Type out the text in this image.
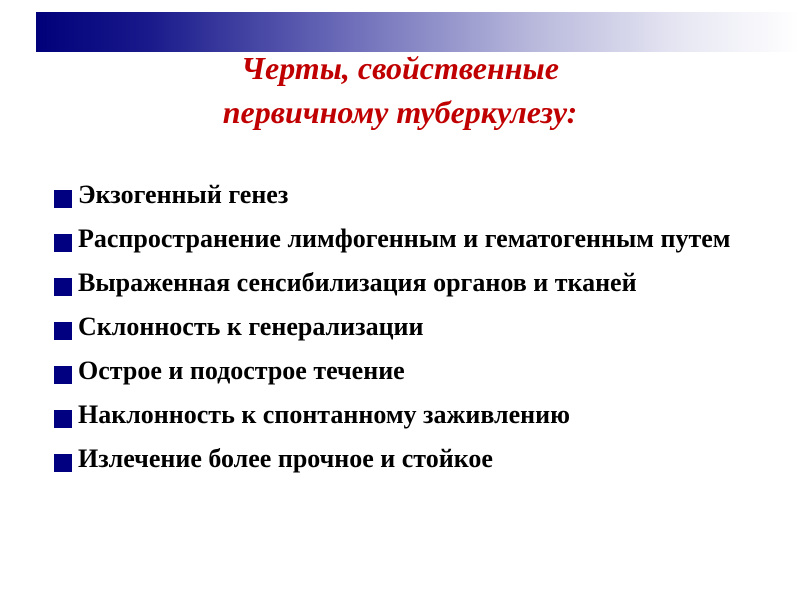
Черты, свойственные
первичному туберкулезу:
Экзогенный генез
Распространение лимфогенным и гематогенным путем
Выраженная сенсибилизация органов и тканей
Склонность к генерализации
Острое и подострое течение
Наклонность к спонтанному заживлению
Излечение более прочное и стойкое
